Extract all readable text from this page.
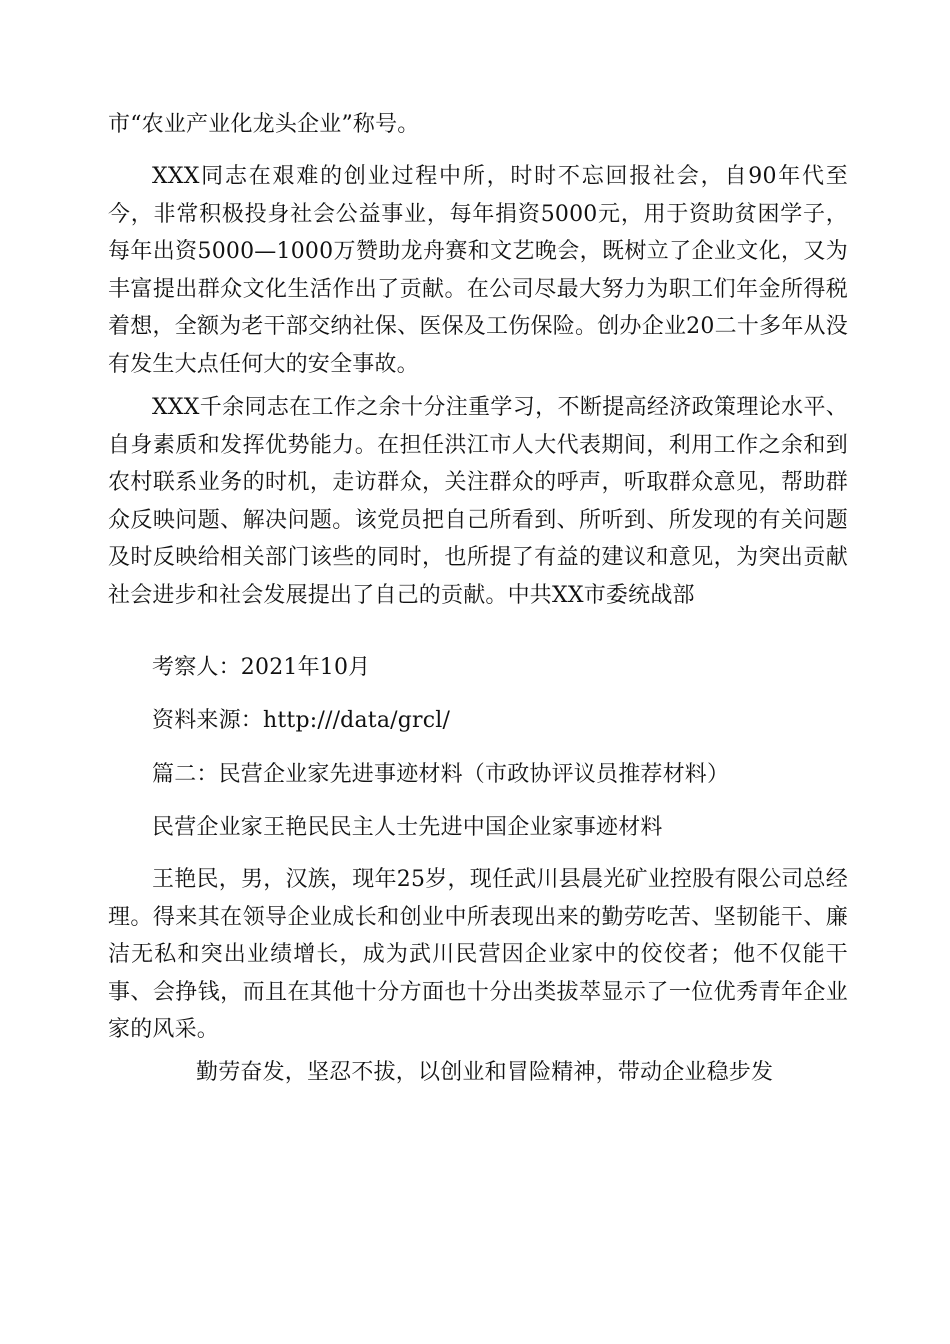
市“农业产业化龙头企业”称号。

XXX同志在艰难的创业过程中所，时时不忘回报社会，自90年代至今，非常积极投身社会公益事业，每年捐资5000元，用于资助贫困学子，每年出资5000—1000万赞助龙舟赛和文艺晚会，既树立了企业文化，又为丰富提出群众文化生活作出了贡献。在公司尽最大努力为职工们年金所得税着想，全额为老干部交纳社保、医保及工伤保险。创办企业20二十多年从没有发生大点任何大的安全事故。

XXX千余同志在工作之余十分注重学习，不断提高经济政策理论水平、自身素质和发挥优势能力。在担任洪江市人大代表期间，利用工作之余和到农村联系业务的时机，走访群众，关注群众的呼声，听取群众意见，帮助群众反映问题、解决问题。该党员把自己所看到、所听到、所发现的有关问题及时反映给相关部门该些的同时，也所提了有益的建议和意见，为突出贡献社会进步和社会发展提出了自己的贡献。中共XX市委统战部

考察人：2021年10月

资料来源：http:///data/grcl/

篇二：民营企业家先进事迹材料（市政协评议员推荐材料）

民营企业家王艳民民主人士先进中国企业家事迹材料

王艳民，男，汉族，现年25岁，现任武川县晨光矿业控股有限公司总经理。得来其在领导企业成长和创业中所表现出来的勤劳吃苦、坚韧能干、廉洁无私和突出业绩增长，成为武川民营因企业家中的佼佼者；他不仅能干事、会挣钱，而且在其他十分方面也十分出类拔萃显示了一位优秀青年企业家的风采。

勤劳奋发，坚忍不拔，以创业和冒险精神，带动企业稳步发
